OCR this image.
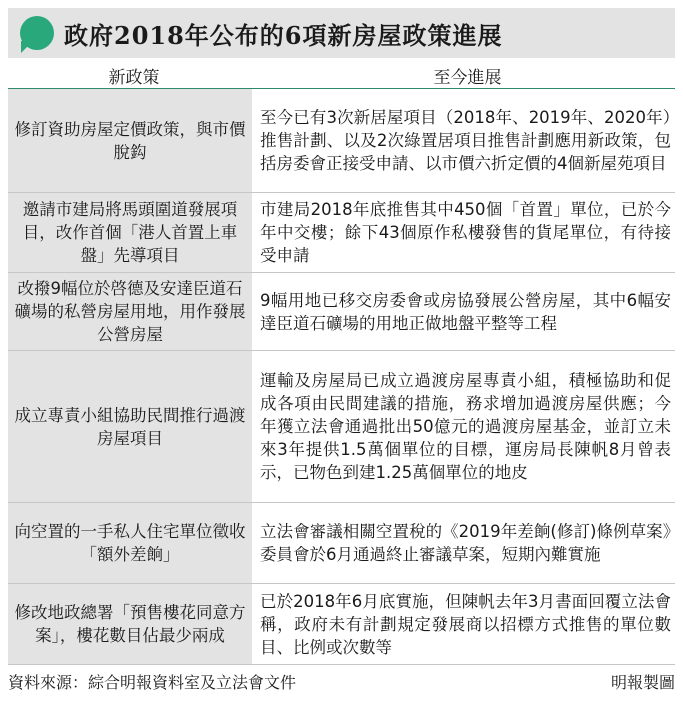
政府2018年公布的6項新房屋政策進展
新政策	至今進展
修訂資助房屋定價政策，與市價脫鈎
至今已有3次新居屋項目（2018年、2019年、2020年）推售計劃、以及2次綠置居項目推售計劃應用新政策，包括房委會正接受申請、以市價六折定價的4個新屋苑項目
邀請市建局將馬頭圍道發展項目，改作首個「港人首置上車盤」先導項目
市建局2018年底推售其中450個「首置」單位，已於今年中交樓；餘下43個原作私樓發售的貨尾單位，有待接受申請
改撥9幅位於啓德及安達臣道石礦場的私營房屋用地，用作發展公營房屋
9幅用地已移交房委會或房協發展公營房屋，其中6幅安達臣道石礦場的用地正做地盤平整等工程
成立專責小組協助民間推行過渡房屋項目
運輸及房屋局已成立過渡房屋專責小組，積極協助和促成各項由民間建議的措施，務求增加過渡房屋供應；今年獲立法會通過批出50億元的過渡房屋基金，並訂立未來3年提供1.5萬個單位的目標，運房局長陳帆8月曾表示，已物色到建1.25萬個單位的地皮
向空置的一手私人住宅單位徵收「額外差餉」
立法會審議相關空置稅的《2019年差餉(修訂)條例草案》委員會於6月通過終止審議草案，短期內難實施
修改地政總署「預售樓花同意方案」，樓花數目佔最少兩成
已於2018年6月底實施，但陳帆去年3月書面回覆立法會稱，政府未有計劃規定發展商以招標方式推售的單位數目、比例或次數等
資料來源：綜合明報資料室及立法會文件	明報製圖
